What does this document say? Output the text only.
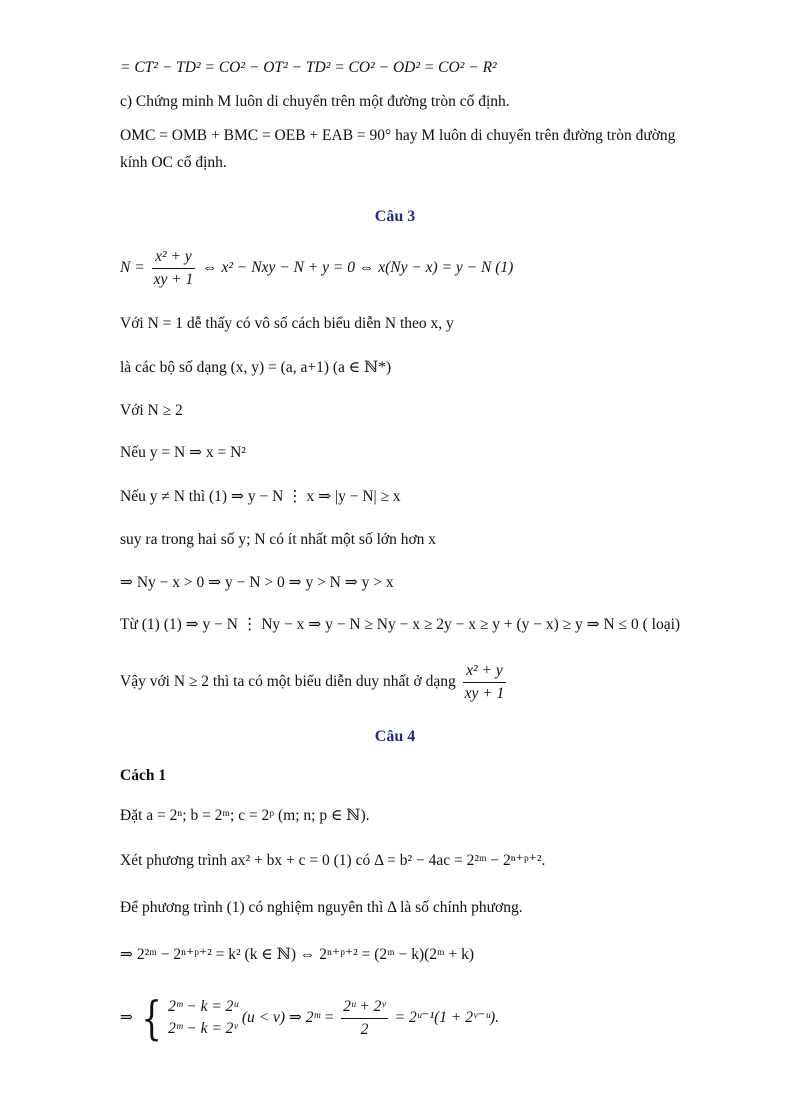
= CT² − TD² = CO² − OT² − TD² = CO² − OD² = CO² − R²
c) Chứng minh M luôn di chuyển trên một đường tròn cố định.
OMC = OMB + BMC = OEB + EAB = 90° hay M luôn di chuyển trên đường tròn đường
kính OC cố định.
Câu 3
$N = \frac{\text{x² + y}}{xy + 1}$ ⇔ x² − Nxy − N + y = 0 ⇔ x(Ny − x) = y − N (1)
Với N = 1 dễ thấy có vô số cách biểu diễn N theo x, y
là các bộ số dạng (x, y) = (a, a+1) (a ∈ ℕ*)
Với N ≥ 2
Nếu y = N ⇒ x = N²
Nếu y ≠ N thì (1) ⇒ y − N ⋮ x ⇒ |y − N| ≥ x
suy ra trong hai số y; N có ít nhất một số lớn hơn x
⇒ Ny − x > 0 ⇒ y − N > 0 ⇒ y > N ⇒ y > x
Từ (1) (1) ⇒ y − N ⋮ Ny − x ⇒ y − N ≥ Ny − x ≥ 2y − x ≥ y + (y − x) ≥ y ⇒ N ≤ 0 ( loại)
Vậy với N ≥ 2 thì ta có một biểu diễn duy nhất ở dạng $\frac{\text{x² + y}}{xy + 1}$
Câu 4
Cách 1
Đặt a = 2ⁿ; b = 2ᵐ; c = 2ᵖ (m; n; p ∈ ℕ).
Xét phương trình ax² + bx + c = 0 (1) có Δ = b² − 4ac = 2²ᵐ − 2ⁿ⁺ᵖ⁺².
Để phương trình (1) có nghiệm nguyên thì Δ là số chính phương.
⇒ 2²ᵐ − 2ⁿ⁺ᵖ⁺² = k² (k ∈ ℕ) ⇔ 2ⁿ⁺ᵖ⁺² = (2ᵐ − k)(2ᵐ + k)
⇒ { 2ᵐ − k = 2ᵘ
2ᵐ − k = 2ᵛ
(u < v) ⇒ 2ᵐ = $\frac{\text{2ᵘ + 2ᵛ}}{2}$ = 2ᵘ⁻¹(1 + 2ᵛ⁻ᵘ).
